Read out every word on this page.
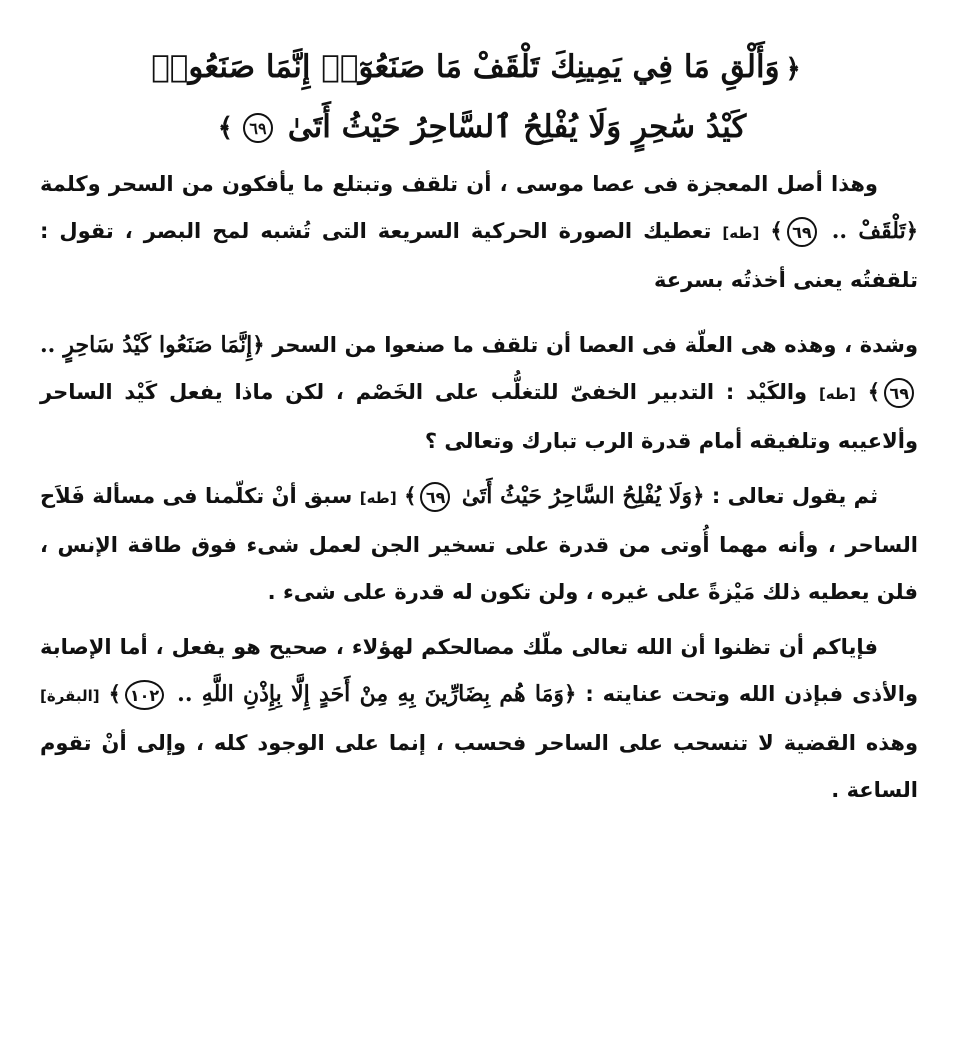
﴿وَأَلْقِ مَا فِي يَمِينِكَ تَلْقَفْ مَا صَنَعُوٓا۟ إِنَّمَا صَنَعُوا۟
كَيْدُ سَٰحِرٍ وَلَا يُفْلِحُ ٱلسَّاحِرُ حَيْثُ أَتَىٰ ٦٩﴾

وهذا أصل المعجزة فى عصا موسى ، أن تلقف وتبتلع ما يأفكون من السحر وكلمة ﴿تَلْقَفْ .. ٦٩﴾ [ طه ] تعطيك الصورة الحركية السريعة التى تُشبه لمح البصر ، تقول : تلقفتُه يعنى أخذتُه بسرعة

وشدة ، وهذه هى العلّة فى العصا أن تلقف ما صنعوا من السحر ﴿إِنَّمَا صَنَعُوا كَيْدُ سَاحِرٍ .. ٦٩﴾ [ طه ] والكَيْد : التدبير الخفىّ للتغلُّب على الخَصْم ، لكن ماذا يفعل كَيْد الساحر وألاعيبه وتلفيقه أمام قدرة الرب تبارك وتعالى ؟

ثم يقول تعالى : ﴿وَلَا يُفْلِحُ السَّاحِرُ حَيْثُ أَتَىٰ ٦٩﴾ [ طه ] سبق أنْ تكلّمنا فى مسألة فَلاَح الساحر ، وأنه مهما أُوتى من قدرة على تسخير الجن لعمل شىء فوق طاقة الإنس ، فلن يعطيه ذلك مَيْزةً على غيره ، ولن تكون له قدرة على شىء .

فإياكم أن تظنوا أن الله تعالى ملّك مصالحكم لهؤلاء ، صحيح هو يفعل ، أما الإصابة والأذى فبإذن الله وتحت عنايته : ﴿وَمَا هُم بِضَارِّينَ بِهِ مِنْ أَحَدٍ إِلَّا بِإِذْنِ اللَّهِ .. ١٠٢﴾ [ البقرة ] وهذه القضية لا تنسحب على الساحر فحسب ، إنما على الوجود كله ، وإلى أنْ تقوم الساعة .
